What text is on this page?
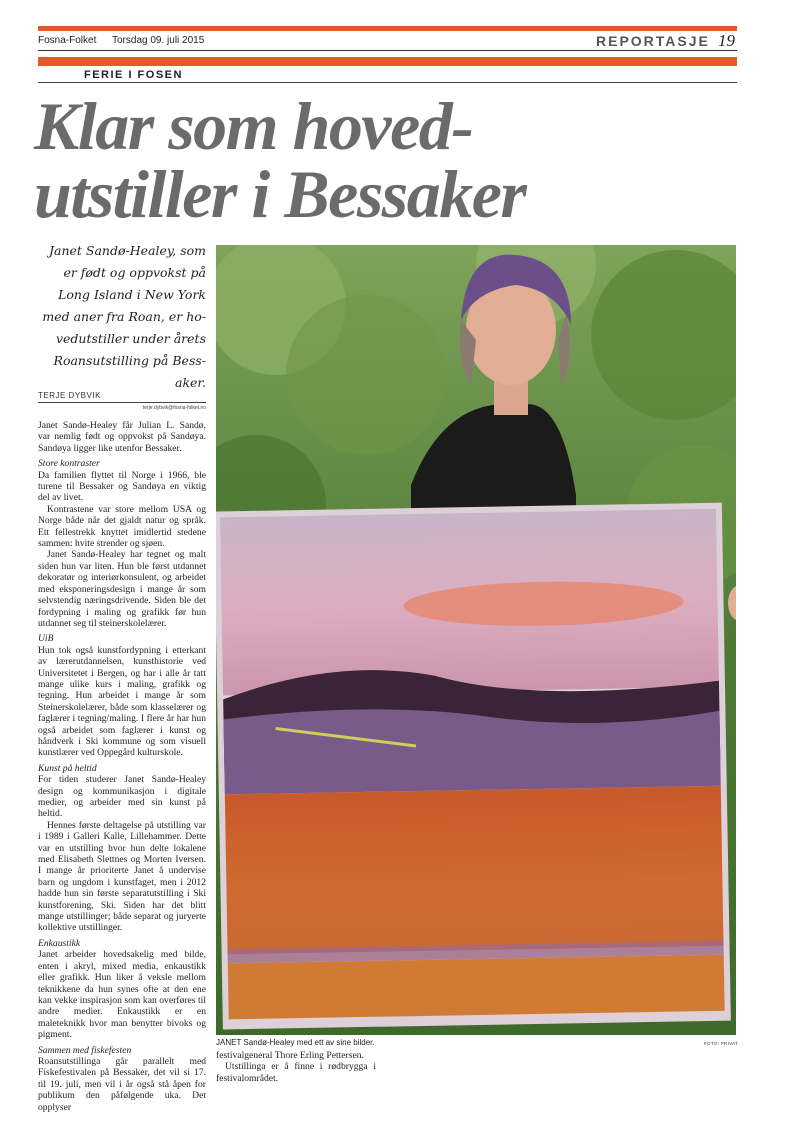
Fosna-Folket Torsdag 09. juli 2015	REPORTASJE 19
FERIE I FOSEN
Klar som hoved-
utstiller i Bessaker
Janet Sandø-Healey, som
er født og oppvokst på
Long Island i New York
med aner fra Roan, er ho-
vedutstiller under årets
Roansutstilling på Bess-
aker.
TERJE DYBVIK
terje.dybvik@fosna-folket.no

Janet Sandø-Healey får Julian L. Sandø, var nemlig født og oppvokst på Sandøya. Sandøya ligger like utenfor Bessaker.

Store kontraster

Da familien flyttet til Norge i 1966, ble turene til Bessaker og Sandøya en viktig del av livet.

Kontrastene var store mellom USA og Norge både når det gjaldt natur og språk. Ett fellestrekk knyttet imidlertid stedene sammen: hvite strender og sjøen.

Janet Sandø-Healey har tegnet og malt siden hun var liten. Hun ble først utdannet dekoratør og interiørkonsulent, og arbeidet med eksponeringsdesign i mange år som selvstendig næringsdrivende. Siden ble det fordypning i maling og grafikk før hun utdannet seg til steinerskolelærer.

UiB

Hun tok også kunstfordypning i etterkant av lærerutdannelsen, kunsthistorie ved Universitetet i Bergen, og har i alle år tatt mange ulike kurs i maling, grafikk og tegning. Hun arbeidet i mange år som Steinerskolelærer, både som klasselærer og faglærer i tegning/maling. I flere år har hun også arbeidet som faglærer i kunst og håndverk i Ski kommune og som visuell kunstlærer ved Oppegård kulturskole.

Kunst på heltid

For tiden studerer Janet Sandø-Healey design og kommunikasjon i digitale medier, og arbeider med sin kunst på heltid.

Hennes første deltagelse på utstilling var i 1989 i Galleri Kalle, Lillehammer. Dette var en utstilling hvor hun delte lokalene med Elisabeth Slettnes og Morten Iversen. I mange år prioriterte Janet å undervise barn og ungdom i kunstfaget, men i 2012 hadde hun sin første separatutstilling i Ski kunstforening, Ski. Siden har det blitt mange utstillinger; både separat og juryerte kollektive utstillinger.

Enkaustikk

Janet arbeider hovedsakelig med bilde, enten i akryl, mixed media, enkaustikk eller grafikk. Hun liker å veksle mellom teknikkene da hun synes ofte at den ene kan vekke inspirasjon som kan overføres til andre medier. Enkaustikk er en maleteknikk hvor man benytter bivoks og pigment.

Sammen med fiskefesten

Roansutstillinga går parallelt med Fiskefestivalen på Bessaker, det vil si 17. til 19. juli, men vil i år også stå åpen for publikum den påfølgende uka. Det opplyser

JANET Sandø-Healey med ett av sine bilder.	FOTO: PRIVAT

festivalgeneral Thore Erling Pettersen.

Utstillinga er å finne i rødbrygga i festivalområdet.
